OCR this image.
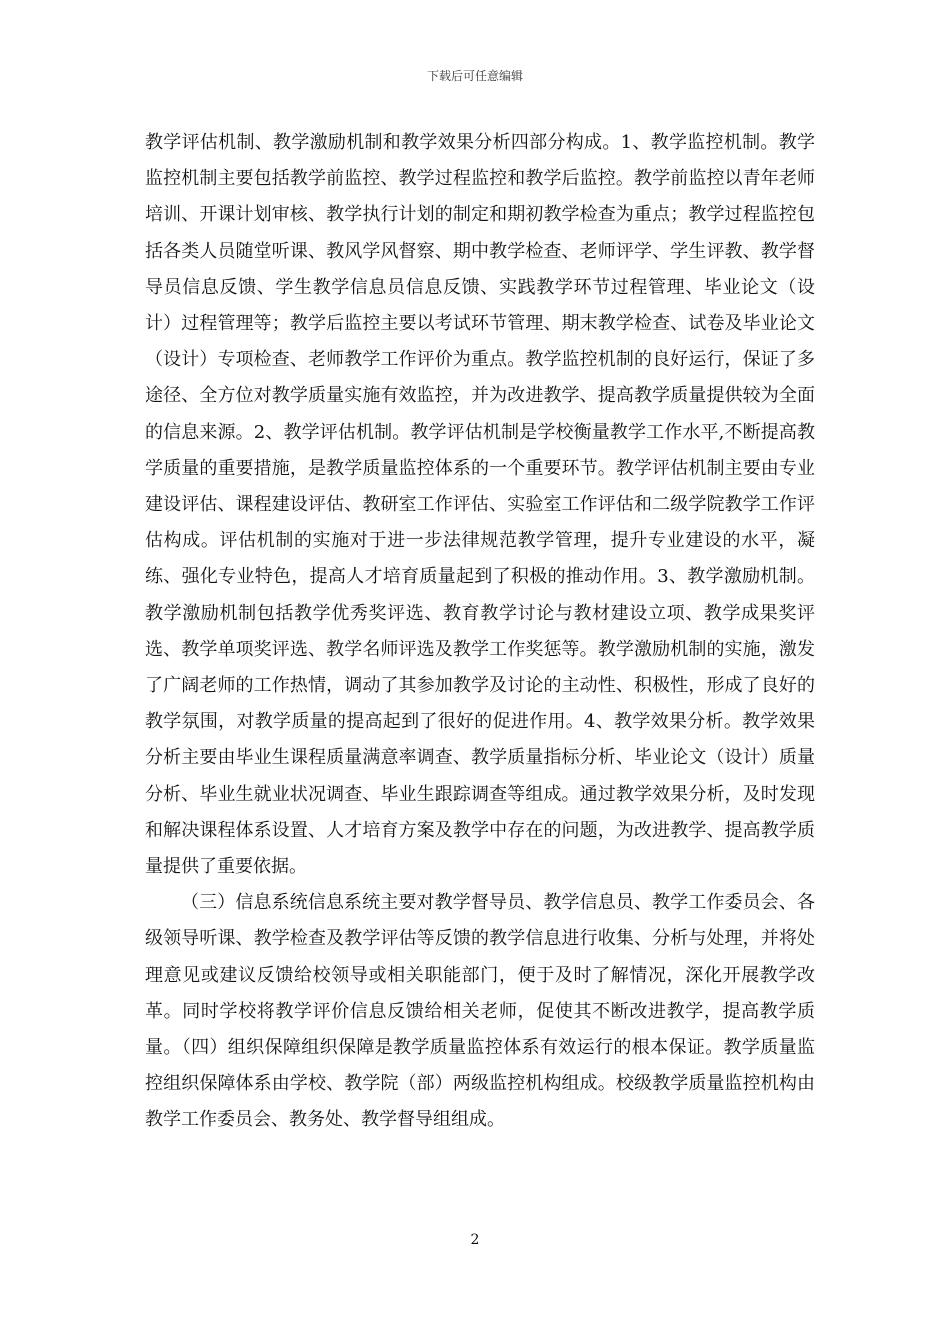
下载后可任意编辑

教学评估机制、教学激励机制和教学效果分析四部分构成。1、教学监控机制。教学监控机制主要包括教学前监控、教学过程监控和教学后监控。教学前监控以青年老师培训、开课计划审核、教学执行计划的制定和期初教学检查为重点；教学过程监控包括各类人员随堂听课、教风学风督察、期中教学检查、老师评学、学生评教、教学督导员信息反馈、学生教学信息员信息反馈、实践教学环节过程管理、毕业论文（设计）过程管理等；教学后监控主要以考试环节管理、期末教学检查、试卷及毕业论文（设计）专项检查、老师教学工作评价为重点。教学监控机制的良好运行，保证了多途径、全方位对教学质量实施有效监控，并为改进教学、提高教学质量提供较为全面的信息来源。2、教学评估机制。教学评估机制是学校衡量教学工作水平,不断提高教学质量的重要措施，是教学质量监控体系的一个重要环节。教学评估机制主要由专业建设评估、课程建设评估、教研室工作评估、实验室工作评估和二级学院教学工作评估构成。评估机制的实施对于进一步法律规范教学管理，提升专业建设的水平，凝练、强化专业特色，提高人才培育质量起到了积极的推动作用。3、教学激励机制。教学激励机制包括教学优秀奖评选、教育教学讨论与教材建设立项、教学成果奖评选、教学单项奖评选、教学名师评选及教学工作奖惩等。教学激励机制的实施，激发了广阔老师的工作热情，调动了其参加教学及讨论的主动性、积极性，形成了良好的教学氛围，对教学质量的提高起到了很好的促进作用。4、教学效果分析。教学效果分析主要由毕业生课程质量满意率调查、教学质量指标分析、毕业论文（设计）质量分析、毕业生就业状况调查、毕业生跟踪调查等组成。通过教学效果分析，及时发现和解决课程体系设置、人才培育方案及教学中存在的问题，为改进教学、提高教学质量提供了重要依据。

（三）信息系统信息系统主要对教学督导员、教学信息员、教学工作委员会、各级领导听课、教学检查及教学评估等反馈的教学信息进行收集、分析与处理，并将处理意见或建议反馈给校领导或相关职能部门，便于及时了解情况，深化开展教学改革。同时学校将教学评价信息反馈给相关老师，促使其不断改进教学，提高教学质量。（四）组织保障组织保障是教学质量监控体系有效运行的根本保证。教学质量监控组织保障体系由学校、教学院（部）两级监控机构组成。校级教学质量监控机构由教学工作委员会、教务处、教学督导组组成。

2
